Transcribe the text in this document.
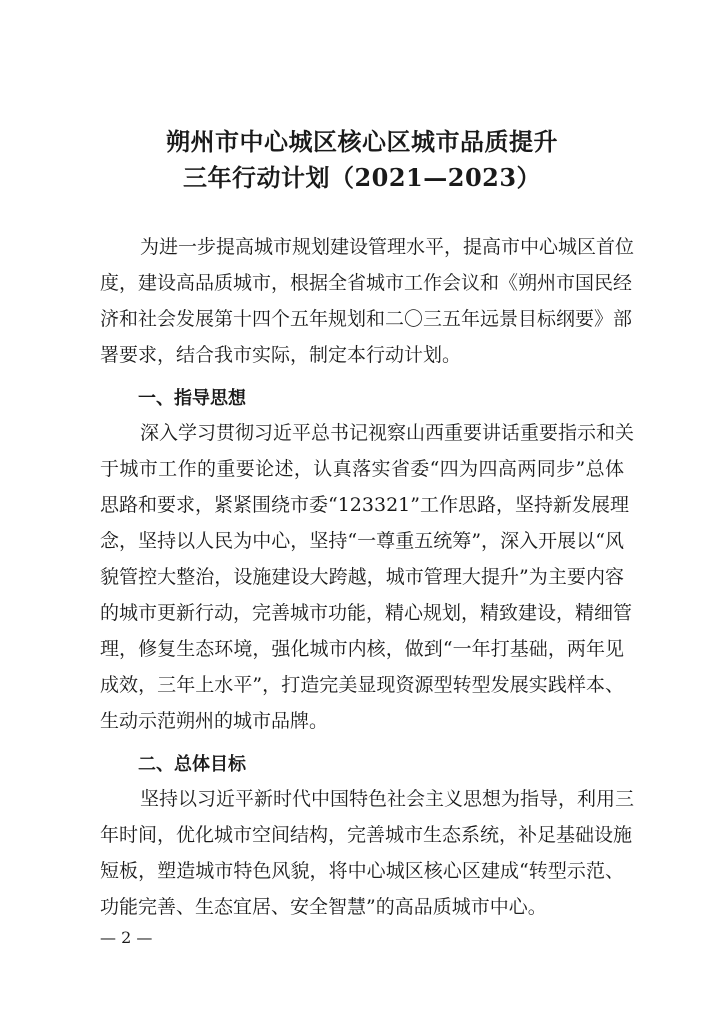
朔州市中心城区核心区城市品质提升
三年行动计划（2021—2023）
为进一步提高城市规划建设管理水平，提高市中心城区首位
度，建设高品质城市，根据全省城市工作会议和《朔州市国民经
济和社会发展第十四个五年规划和二〇三五年远景目标纲要》部
署要求，结合我市实际，制定本行动计划。
一、指导思想
深入学习贯彻习近平总书记视察山西重要讲话重要指示和关
于城市工作的重要论述，认真落实省委“四为四高两同步”总体
思路和要求，紧紧围绕市委“123321”工作思路，坚持新发展理
念，坚持以人民为中心，坚持“一尊重五统筹”，深入开展以“风
貌管控大整治，设施建设大跨越，城市管理大提升”为主要内容
的城市更新行动，完善城市功能，精心规划，精致建设，精细管
理，修复生态环境，强化城市内核，做到“一年打基础，两年见
成效，三年上水平”，打造完美显现资源型转型发展实践样本、
生动示范朔州的城市品牌。
二、总体目标
坚持以习近平新时代中国特色社会主义思想为指导，利用三
年时间，优化城市空间结构，完善城市生态系统，补足基础设施
短板，塑造城市特色风貌，将中心城区核心区建成“转型示范、
功能完善、生态宜居、安全智慧”的高品质城市中心。
— 2 —
